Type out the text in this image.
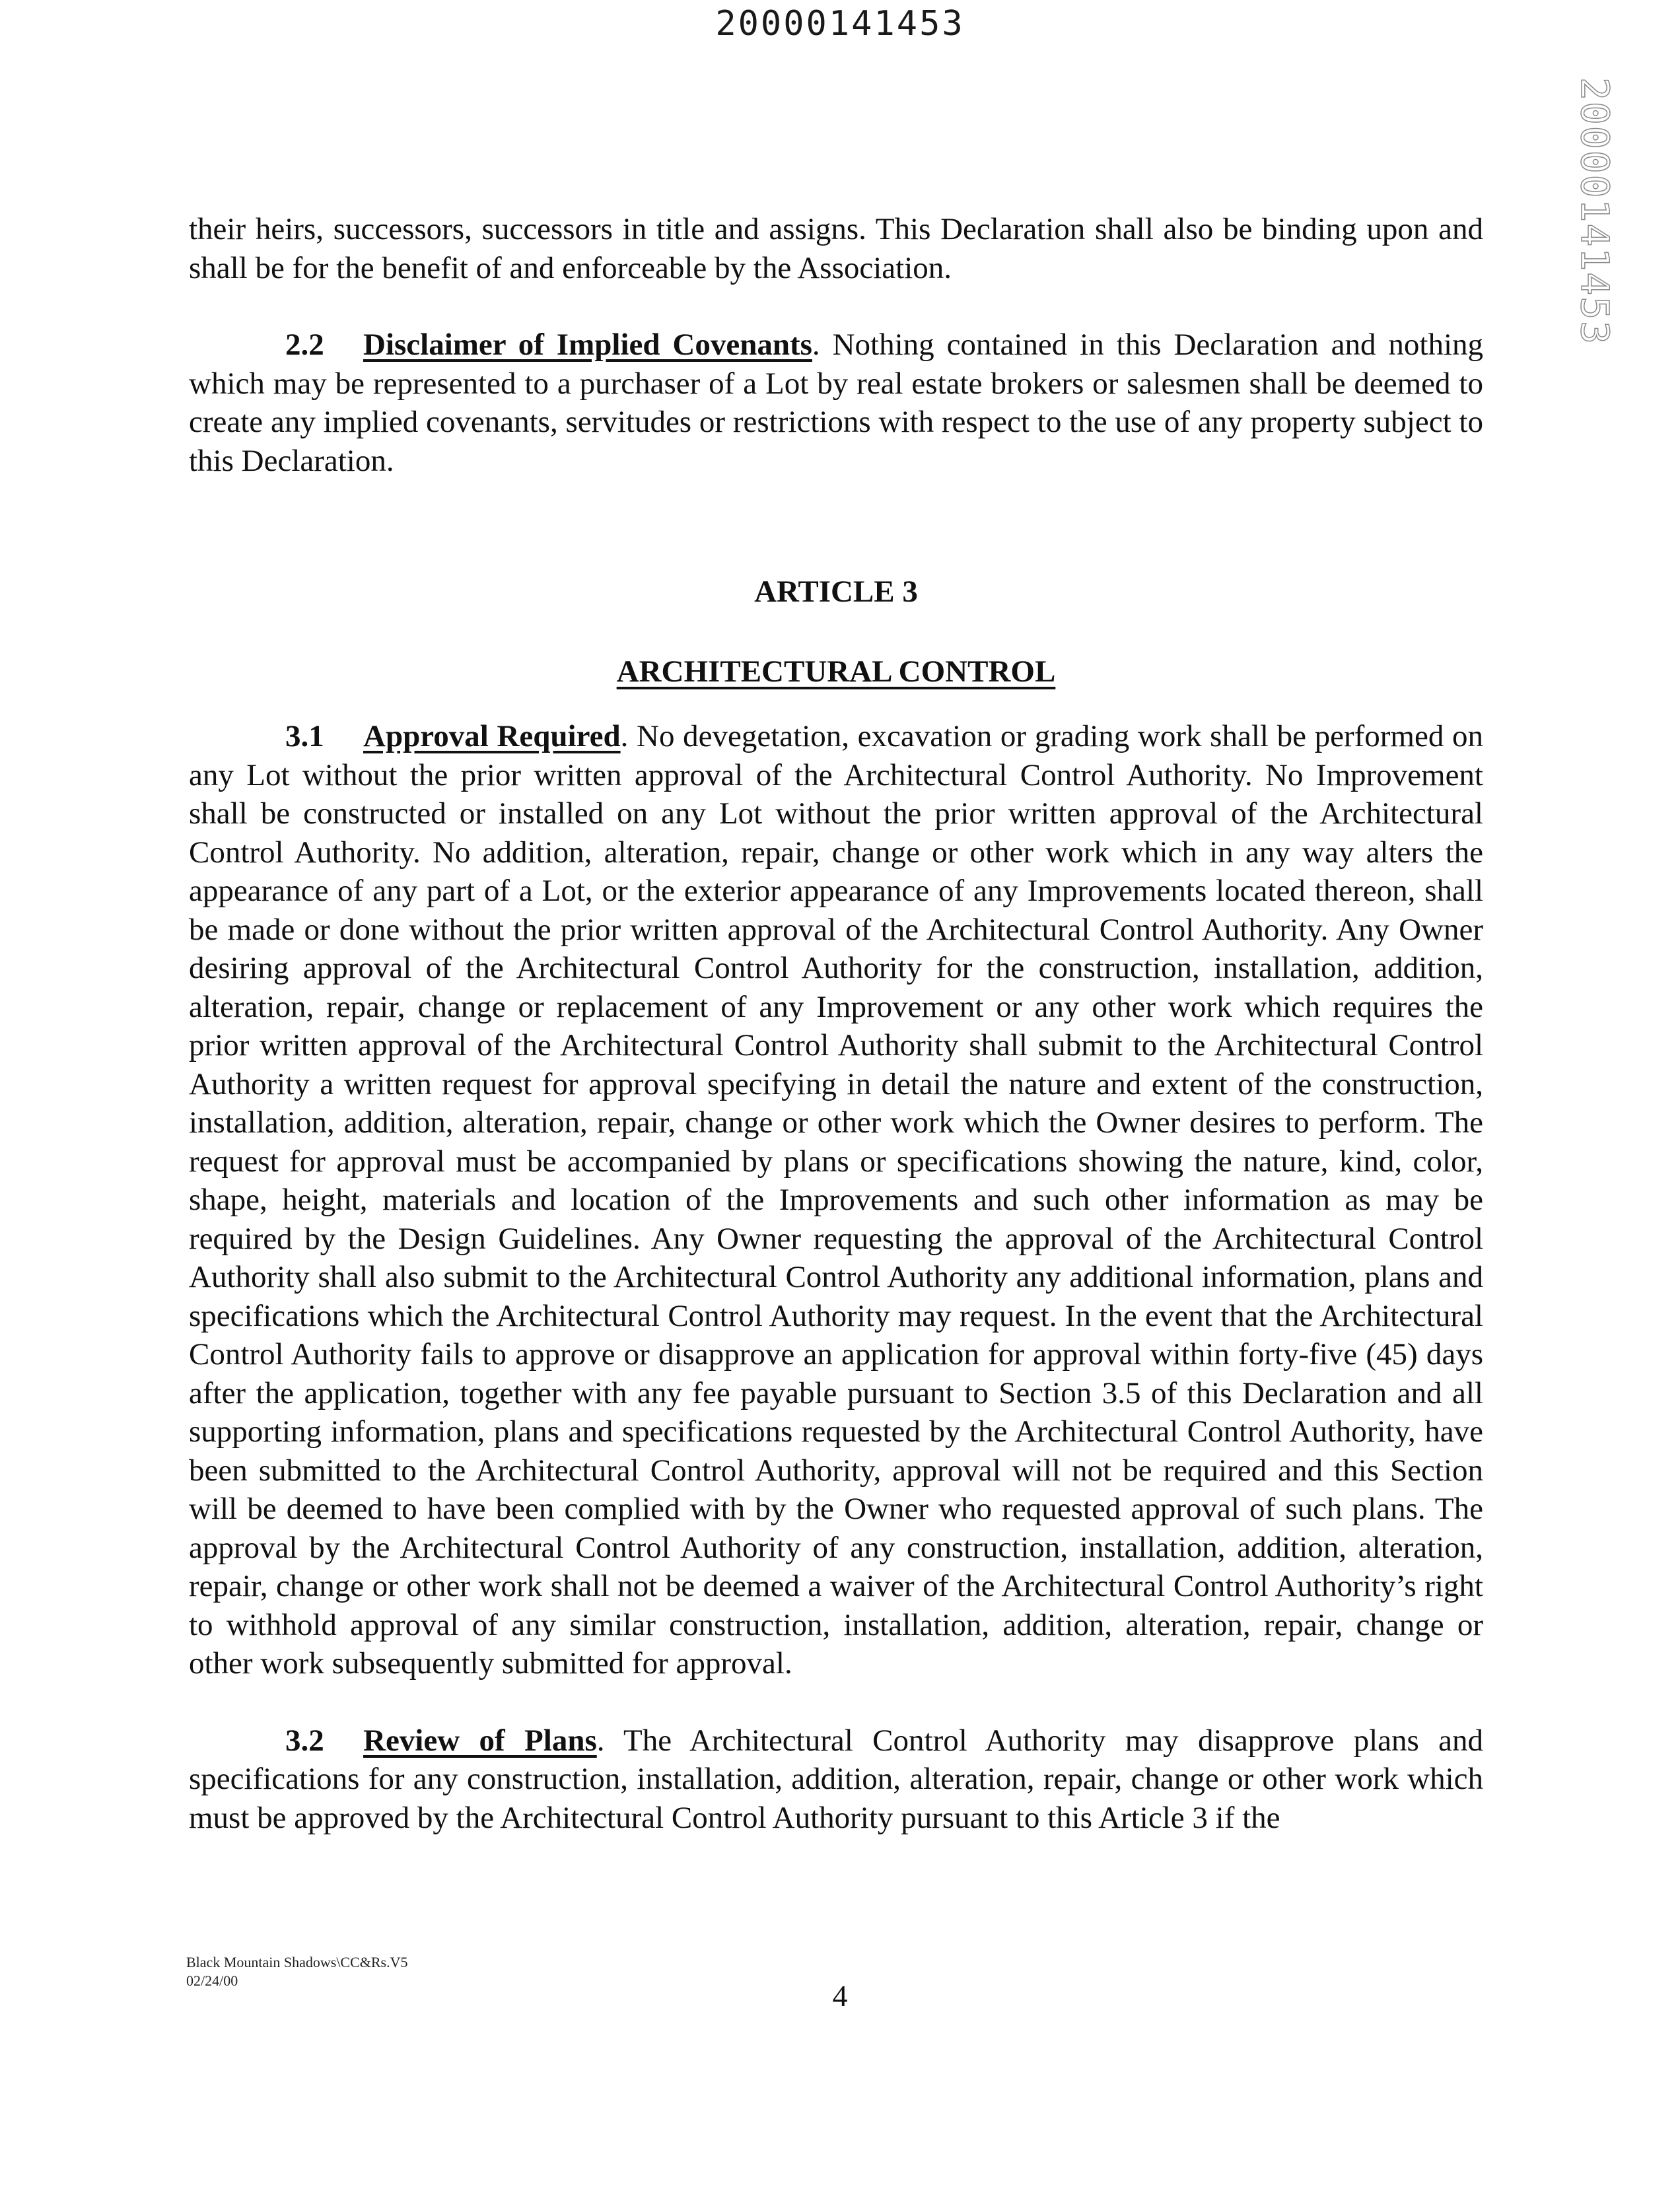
20000141453
20000141453

their heirs, successors, successors in title and assigns. This Declaration shall also be binding upon and shall be for the benefit of and enforceable by the Association.

2.2 Disclaimer of Implied Covenants. Nothing contained in this Declaration and nothing which may be represented to a purchaser of a Lot by real estate brokers or salesmen shall be deemed to create any implied covenants, servitudes or restrictions with respect to the use of any property subject to this Declaration.

ARTICLE 3
ARCHITECTURAL CONTROL

3.1 Approval Required. No devegetation, excavation or grading work shall be performed on any Lot without the prior written approval of the Architectural Control Authority. No Improvement shall be constructed or installed on any Lot without the prior written approval of the Architectural Control Authority. No addition, alteration, repair, change or other work which in any way alters the appearance of any part of a Lot, or the exterior appearance of any Improvements located thereon, shall be made or done without the prior written approval of the Architectural Control Authority. Any Owner desiring approval of the Architectural Control Authority for the construction, installation, addition, alteration, repair, change or replacement of any Improvement or any other work which requires the prior written approval of the Architectural Control Authority shall submit to the Architectural Control Authority a written request for approval specifying in detail the nature and extent of the construction, installation, addition, alteration, repair, change or other work which the Owner desires to perform. The request for approval must be accompanied by plans or specifications showing the nature, kind, color, shape, height, materials and location of the Improvements and such other information as may be required by the Design Guidelines. Any Owner requesting the approval of the Architectural Control Authority shall also submit to the Architectural Control Authority any additional information, plans and specifications which the Architectural Control Authority may request. In the event that the Architectural Control Authority fails to approve or disapprove an application for approval within forty-five (45) days after the application, together with any fee payable pursuant to Section 3.5 of this Declaration and all supporting information, plans and specifications requested by the Architectural Control Authority, have been submitted to the Architectural Control Authority, approval will not be required and this Section will be deemed to have been complied with by the Owner who requested approval of such plans. The approval by the Architectural Control Authority of any construction, installation, addition, alteration, repair, change or other work shall not be deemed a waiver of the Architectural Control Authority’s right to withhold approval of any similar construction, installation, addition, alteration, repair, change or other work subsequently submitted for approval.

3.2 Review of Plans. The Architectural Control Authority may disapprove plans and specifications for any construction, installation, addition, alteration, repair, change or other work which must be approved by the Architectural Control Authority pursuant to this Article 3 if the

Black Mountain Shadows\CC&Rs.V5
02/24/00	4
